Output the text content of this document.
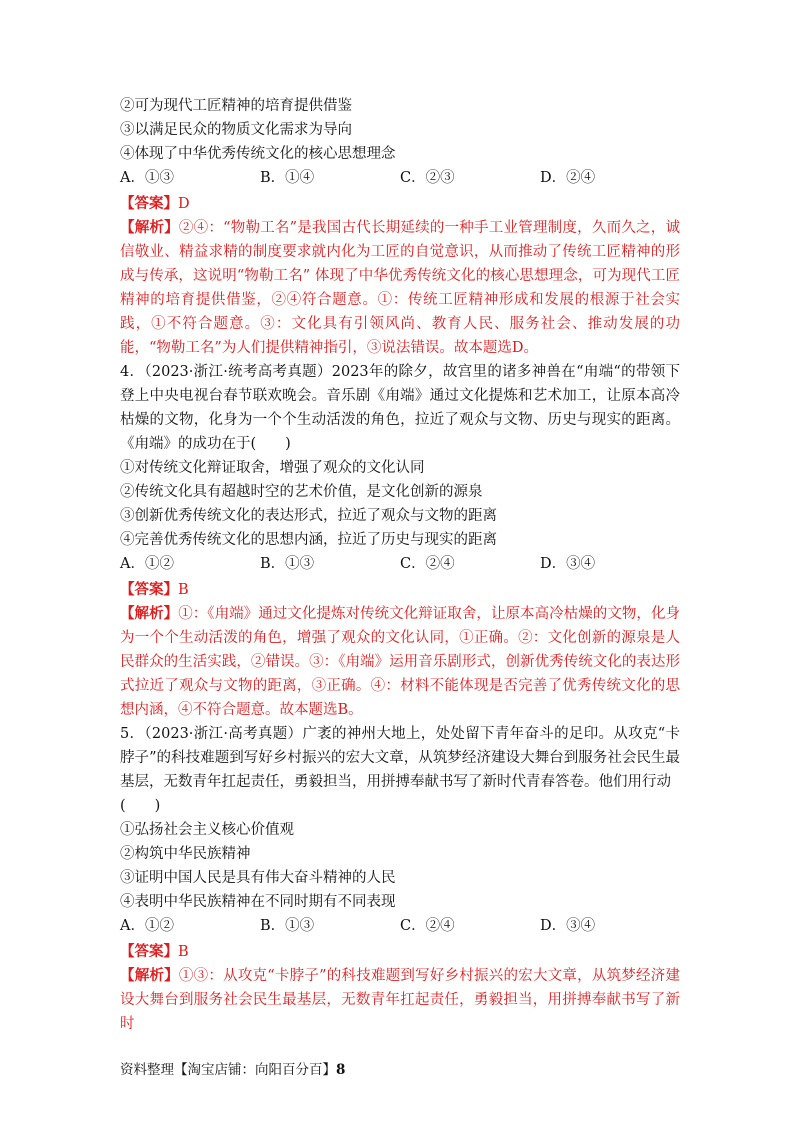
②可为现代工匠精神的培育提供借鉴

③以满足民众的物质文化需求为导向

④体现了中华优秀传统文化的核心思想理念

A．①③	B．①④	C．②③	D．②④

【答案】D

【解析】②④：“物勒工名”是我国古代长期延续的一种手工业管理制度，久而久之，诚信敬业、精益求精的制度要求就内化为工匠的自觉意识，从而推动了传统工匠精神的形成与传承，这说明“物勒工名” 体现了中华优秀传统文化的核心思想理念，可为现代工匠精神的培育提供借鉴，②④符合题意。①：传统工匠精神形成和发展的根源于社会实践，①不符合题意。③：文化具有引领风尚、教育人民、服务社会、推动发展的功能，“物勒工名”为人们提供精神指引，③说法错误。故本题选D。

4．（2023·浙江·统考高考真题）2023年的除夕，故宫里的诸多神兽在“甪端“的带领下登上中央电视台春节联欢晚会。音乐剧《甪端》通过文化提炼和艺术加工，让原本高冷枯燥的文物，化身为一个个生动活泼的角色，拉近了观众与文物、历史与现实的距离。《甪端》的成功在于(　　)

①对传统文化辩证取舍，增强了观众的文化认同

②传统文化具有超越时空的艺术价值，是文化创新的源泉

③创新优秀传统文化的表达形式，拉近了观众与文物的距离

④完善优秀传统文化的思想内涵，拉近了历史与现实的距离

A．①②	B．①③	C．②④	D．③④

【答案】B

【解析】①：《甪端》通过文化提炼对传统文化辩证取舍，让原本高冷枯燥的文物，化身为一个个生动活泼的角色，增强了观众的文化认同，①正确。②：文化创新的源泉是人民群众的生活实践，②错误。③：《甪端》运用音乐剧形式，创新优秀传统文化的表达形式拉近了观众与文物的距离，③正确。④：材料不能体现是否完善了优秀传统文化的思想内涵，④不符合题意。故本题选B。

5．（2023·浙江·高考真题）广袤的神州大地上，处处留下青年奋斗的足印。从攻克“卡脖子”的科技难题到写好乡村振兴的宏大文章，从筑梦经济建设大舞台到服务社会民生最基层，无数青年扛起责任，勇毅担当，用拼搏奉献书写了新时代青春答卷。他们用行动

(　　)

①弘扬社会主义核心价值观

②构筑中华民族精神

③证明中国人民是具有伟大奋斗精神的人民

④表明中华民族精神在不同时期有不同表现

A．①②	B．①③	C．②④	D．③④

【答案】B

【解析】①③：从攻克“卡脖子”的科技难题到写好乡村振兴的宏大文章，从筑梦经济建设大舞台到服务社会民生最基层，无数青年扛起责任，勇毅担当，用拼搏奉献书写了新时

资料整理【淘宝店铺：向阳百分百】8
